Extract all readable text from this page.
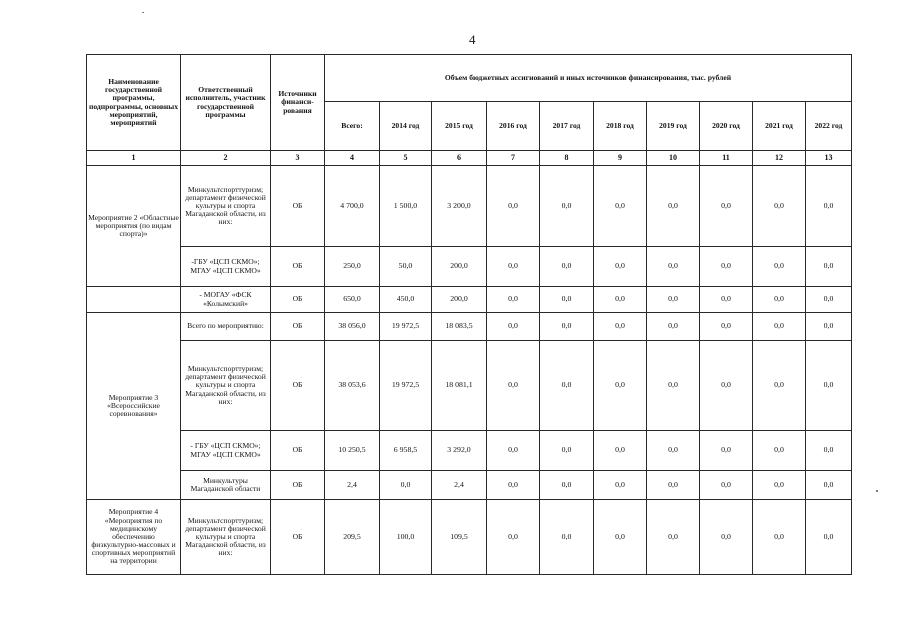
4
Наименование государственной программы, подпрограммы, основных мероприятий, мероприятий	Ответственный исполнитель, участник государственной программы	Источники финанси-рования	Объем бюджетных ассигнований и иных источников финансирования, тыс. рублей									
			Всего:	2014 год	2015 год	2016 год	2017 год	2018 год	2019 год	2020 год	2021 год	2022 год
1	2	3	4	5	6	7	8	9	10	11	12	13
Мероприятие 2 «Областные мероприятия (по видам спорта)»	Минкультспорттуризм; департамент физической культуры и спорта Магаданской области, из них:	ОБ	4 700,0	1 500,0	3 200,0	0,0	0,0	0,0	0,0	0,0	0,0	0,0
	-ГБУ «ЦСП СКМО»; МГАУ «ЦСП СКМО»	ОБ	250,0	50,0	200,0	0,0	0,0	0,0	0,0	0,0	0,0	0,0
	- МОГАУ «ФСК «Колымский»	ОБ	650,0	450,0	200,0	0,0	0,0	0,0	0,0	0,0	0,0	0,0
Мероприятие 3 «Всероссийские соревнования»	Всего по мероприятию:	ОБ	38 056,0	19 972,5	18 083,5	0,0	0,0	0,0	0,0	0,0	0,0	0,0
	Минкультспорттуризм; департамент физической культуры и спорта Магаданской области, из них:	ОБ	38 053,6	19 972,5	18 081,1	0,0	0,0	0,0	0,0	0,0	0,0	0,0
	- ГБУ «ЦСП СКМО»; МГАУ «ЦСП СКМО»	ОБ	10 250,5	6 958,5	3 292,0	0,0	0,0	0,0	0,0	0,0	0,0	0,0
	Минкультуры Магаданской области	ОБ	2,4	0,0	2,4	0,0	0,0	0,0	0,0	0,0	0,0	0,0
Мероприятие 4 «Мероприятия по медицинскому обеспечению физкультурно-массовых и спортивных мероприятий на территории	Минкультспорттуризм; департамент физической культуры и спорта Магаданской области, из них:	ОБ	209,5	100,0	109,5	0,0	0,0	0,0	0,0	0,0	0,0	0,0
